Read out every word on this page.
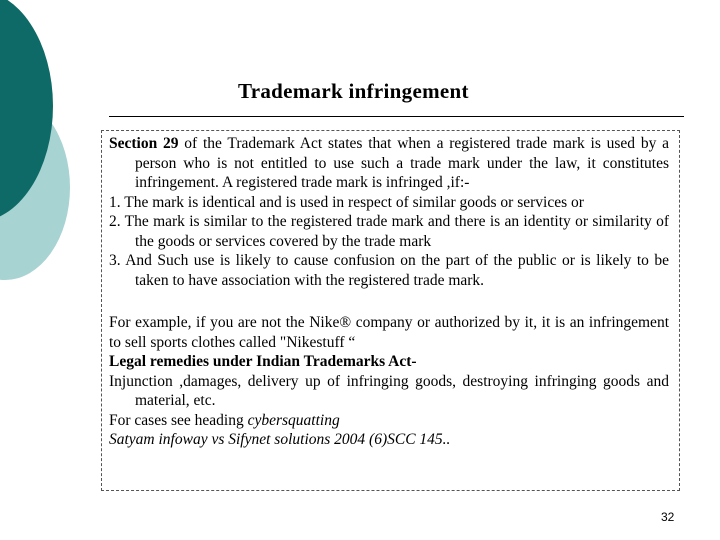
Trademark infringement

Section 29 of the Trademark Act states that when a registered trade mark is used by a person who is not entitled to use such a trade mark under the law, it constitutes infringement. A registered trade mark is infringed ,if:-

1. The mark is identical and is used in respect of similar goods or services or

2. The mark is similar to the registered trade mark and there is an identity or similarity of the goods or services covered by the trade mark

3. And Such use is likely to cause confusion on the part of the public or is likely to be taken to have association with the registered trade mark.

For example, if you are not the Nike® company or authorized by it, it is an infringement to sell sports clothes called "Nikestuff “

Legal remedies under Indian Trademarks Act-

Injunction ,damages, delivery up of infringing goods, destroying infringing goods and material, etc.

For cases see heading cybersquatting

Satyam infoway vs Sifynet solutions 2004 (6)SCC 145..

32
